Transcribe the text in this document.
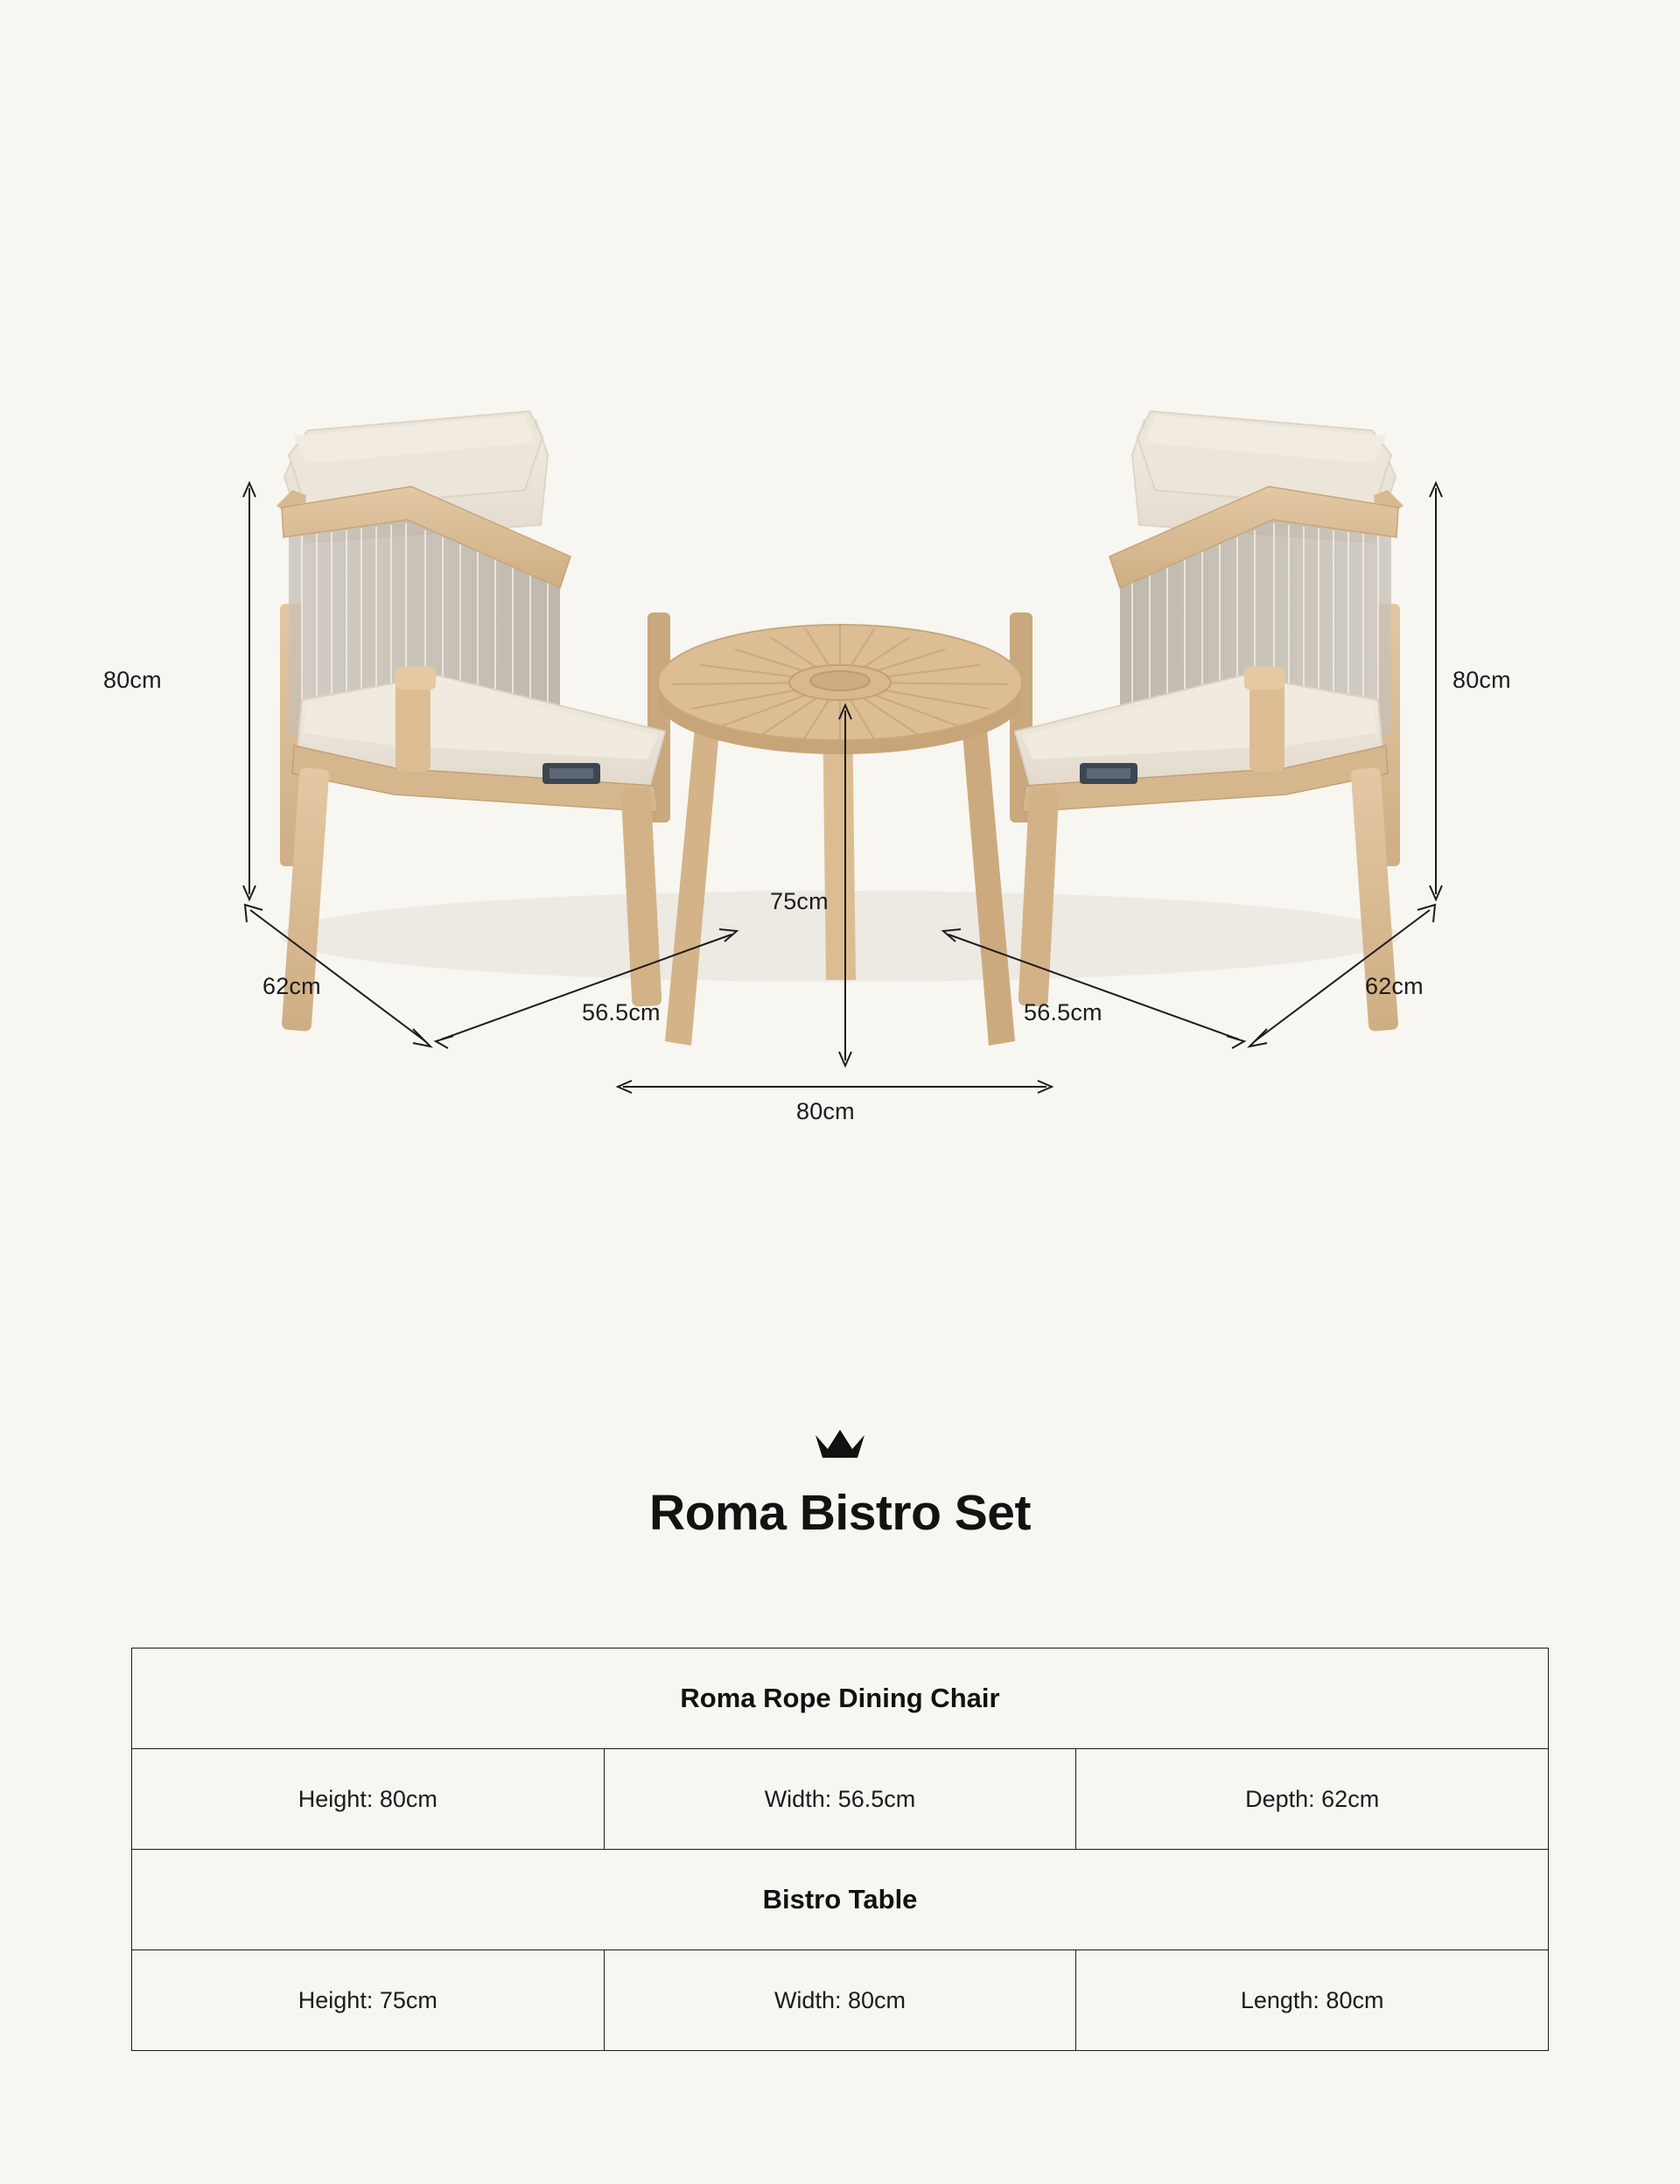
80cm	80cm
62cm	62cm
56.5cm	56.5cm
75cm
80cm
Roma Bistro Set
Roma Rope Dining Chair		
Height: 80cm	Width: 56.5cm	Depth: 62cm
Bistro Table		
Height: 75cm	Width: 80cm	Length: 80cm
